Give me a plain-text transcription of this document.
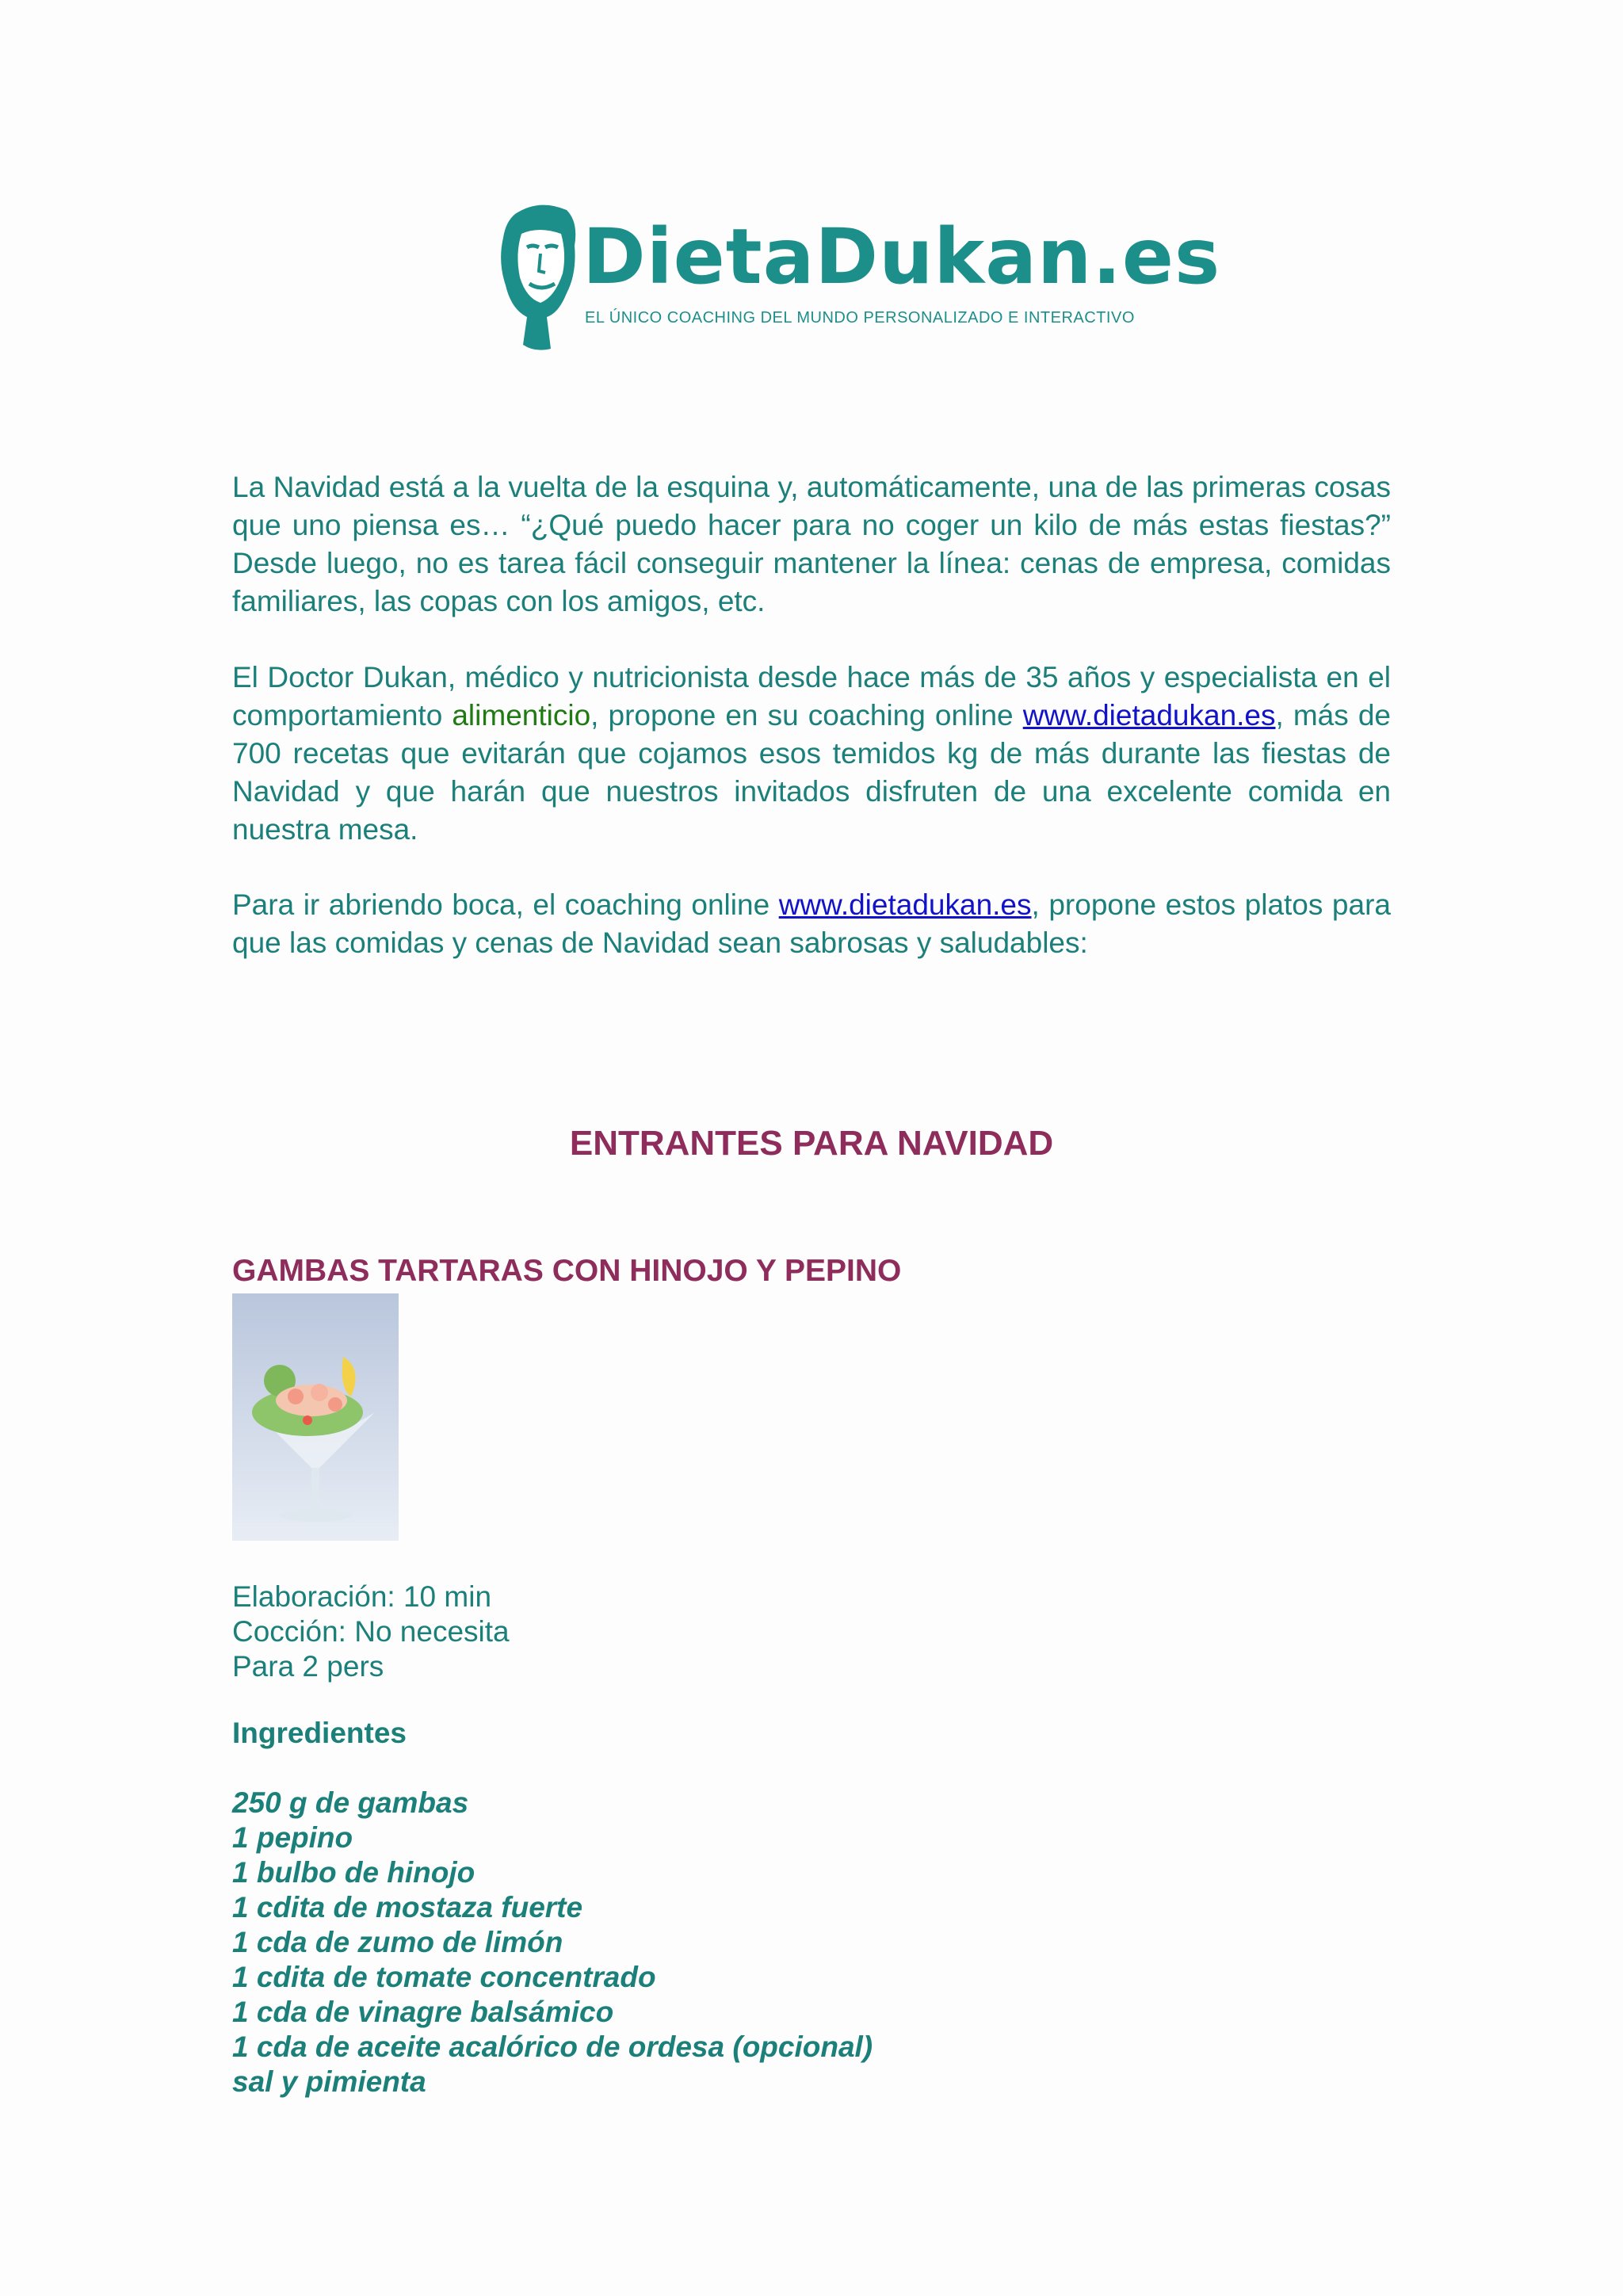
DietaDukan.es
EL ÚNICO COACHING DEL MUNDO PERSONALIZADO E INTERACTIVO

La Navidad está a la vuelta de la esquina y, automáticamente, una de las primeras cosas que uno piensa es… “¿Qué puedo hacer para no coger un kilo de más estas fiestas?” Desde luego, no es tarea fácil conseguir mantener la línea: cenas de empresa, comidas familiares, las copas con los amigos, etc.

El Doctor Dukan, médico y nutricionista desde hace más de 35 años y especialista en el comportamiento alimenticio, propone en su coaching online www.dietadukan.es, más de 700 recetas que evitarán que cojamos esos temidos kg de más durante las fiestas de Navidad y que harán que nuestros invitados disfruten de una excelente comida en nuestra mesa.

Para ir abriendo boca, el coaching online www.dietadukan.es, propone estos platos para que las comidas y cenas de Navidad sean sabrosas y saludables:

ENTRANTES PARA NAVIDAD
GAMBAS TARTARAS CON HINOJO Y PEPINO
Elaboración: 10 min
Cocción: No necesita
Para 2 pers
Ingredientes
250 g de gambas
1 pepino
1 bulbo de hinojo
1 cdita de mostaza fuerte
1 cda de zumo de limón
1 cdita de tomate concentrado
1 cda de vinagre balsámico
1 cda de aceite acalórico de ordesa (opcional)
sal y pimienta
